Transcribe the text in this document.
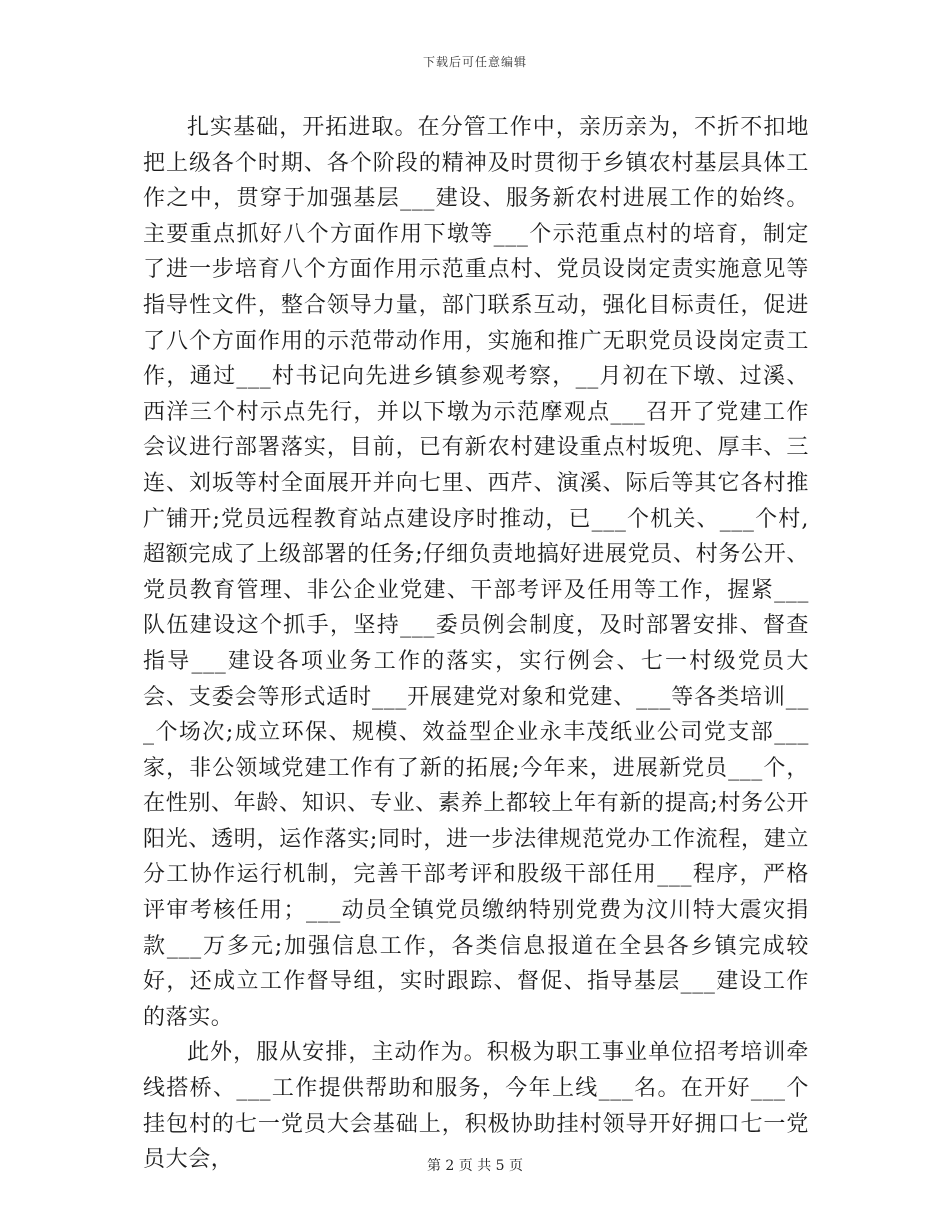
下载后可任意编辑

扎实基础，开拓进取。在分管工作中，亲历亲为，不折不扣地把上级各个时期、各个阶段的精神及时贯彻于乡镇农村基层具体工作之中，贯穿于加强基层___建设、服务新农村进展工作的始终。主要重点抓好八个方面作用下墩等___个示范重点村的培育，制定了进一步培育八个方面作用示范重点村、党员设岗定责实施意见等指导性文件，整合领导力量，部门联系互动，强化目标责任，促进了八个方面作用的示范带动作用，实施和推广无职党员设岗定责工作，通过___村书记向先进乡镇参观考察，__月初在下墩、过溪、西洋三个村示点先行，并以下墩为示范摩观点___召开了党建工作会议进行部署落实，目前，已有新农村建设重点村坂兜、厚丰、三连、刘坂等村全面展开并向七里、西芹、演溪、际后等其它各村推广铺开;党员远程教育站点建设序时推动，已___个机关、___个村,超额完成了上级部署的任务;仔细负责地搞好进展党员、村务公开、党员教育管理、非公企业党建、干部考评及任用等工作，握紧___队伍建设这个抓手，坚持___委员例会制度，及时部署安排、督查指导___建设各项业务工作的落实，实行例会、七一村级党员大会、支委会等形式适时___开展建党对象和党建、___等各类培训___个场次;成立环保、规模、效益型企业永丰茂纸业公司党支部___家，非公领域党建工作有了新的拓展;今年来，进展新党员___个，在性别、年龄、知识、专业、素养上都较上年有新的提高;村务公开阳光、透明，运作落实;同时，进一步法律规范党办工作流程，建立分工协作运行机制，完善干部考评和股级干部任用___程序，严格评审考核任用；___动员全镇党员缴纳特别党费为汶川特大震灾捐款___万多元;加强信息工作，各类信息报道在全县各乡镇完成较好，还成立工作督导组，实时跟踪、督促、指导基层___建设工作的落实。

此外，服从安排，主动作为。积极为职工事业单位招考培训牵线搭桥、___工作提供帮助和服务，今年上线___名。在开好___个挂包村的七一党员大会基础上，积极协助挂村领导开好拥口七一党员大会，	第 2 页 共 5 页
